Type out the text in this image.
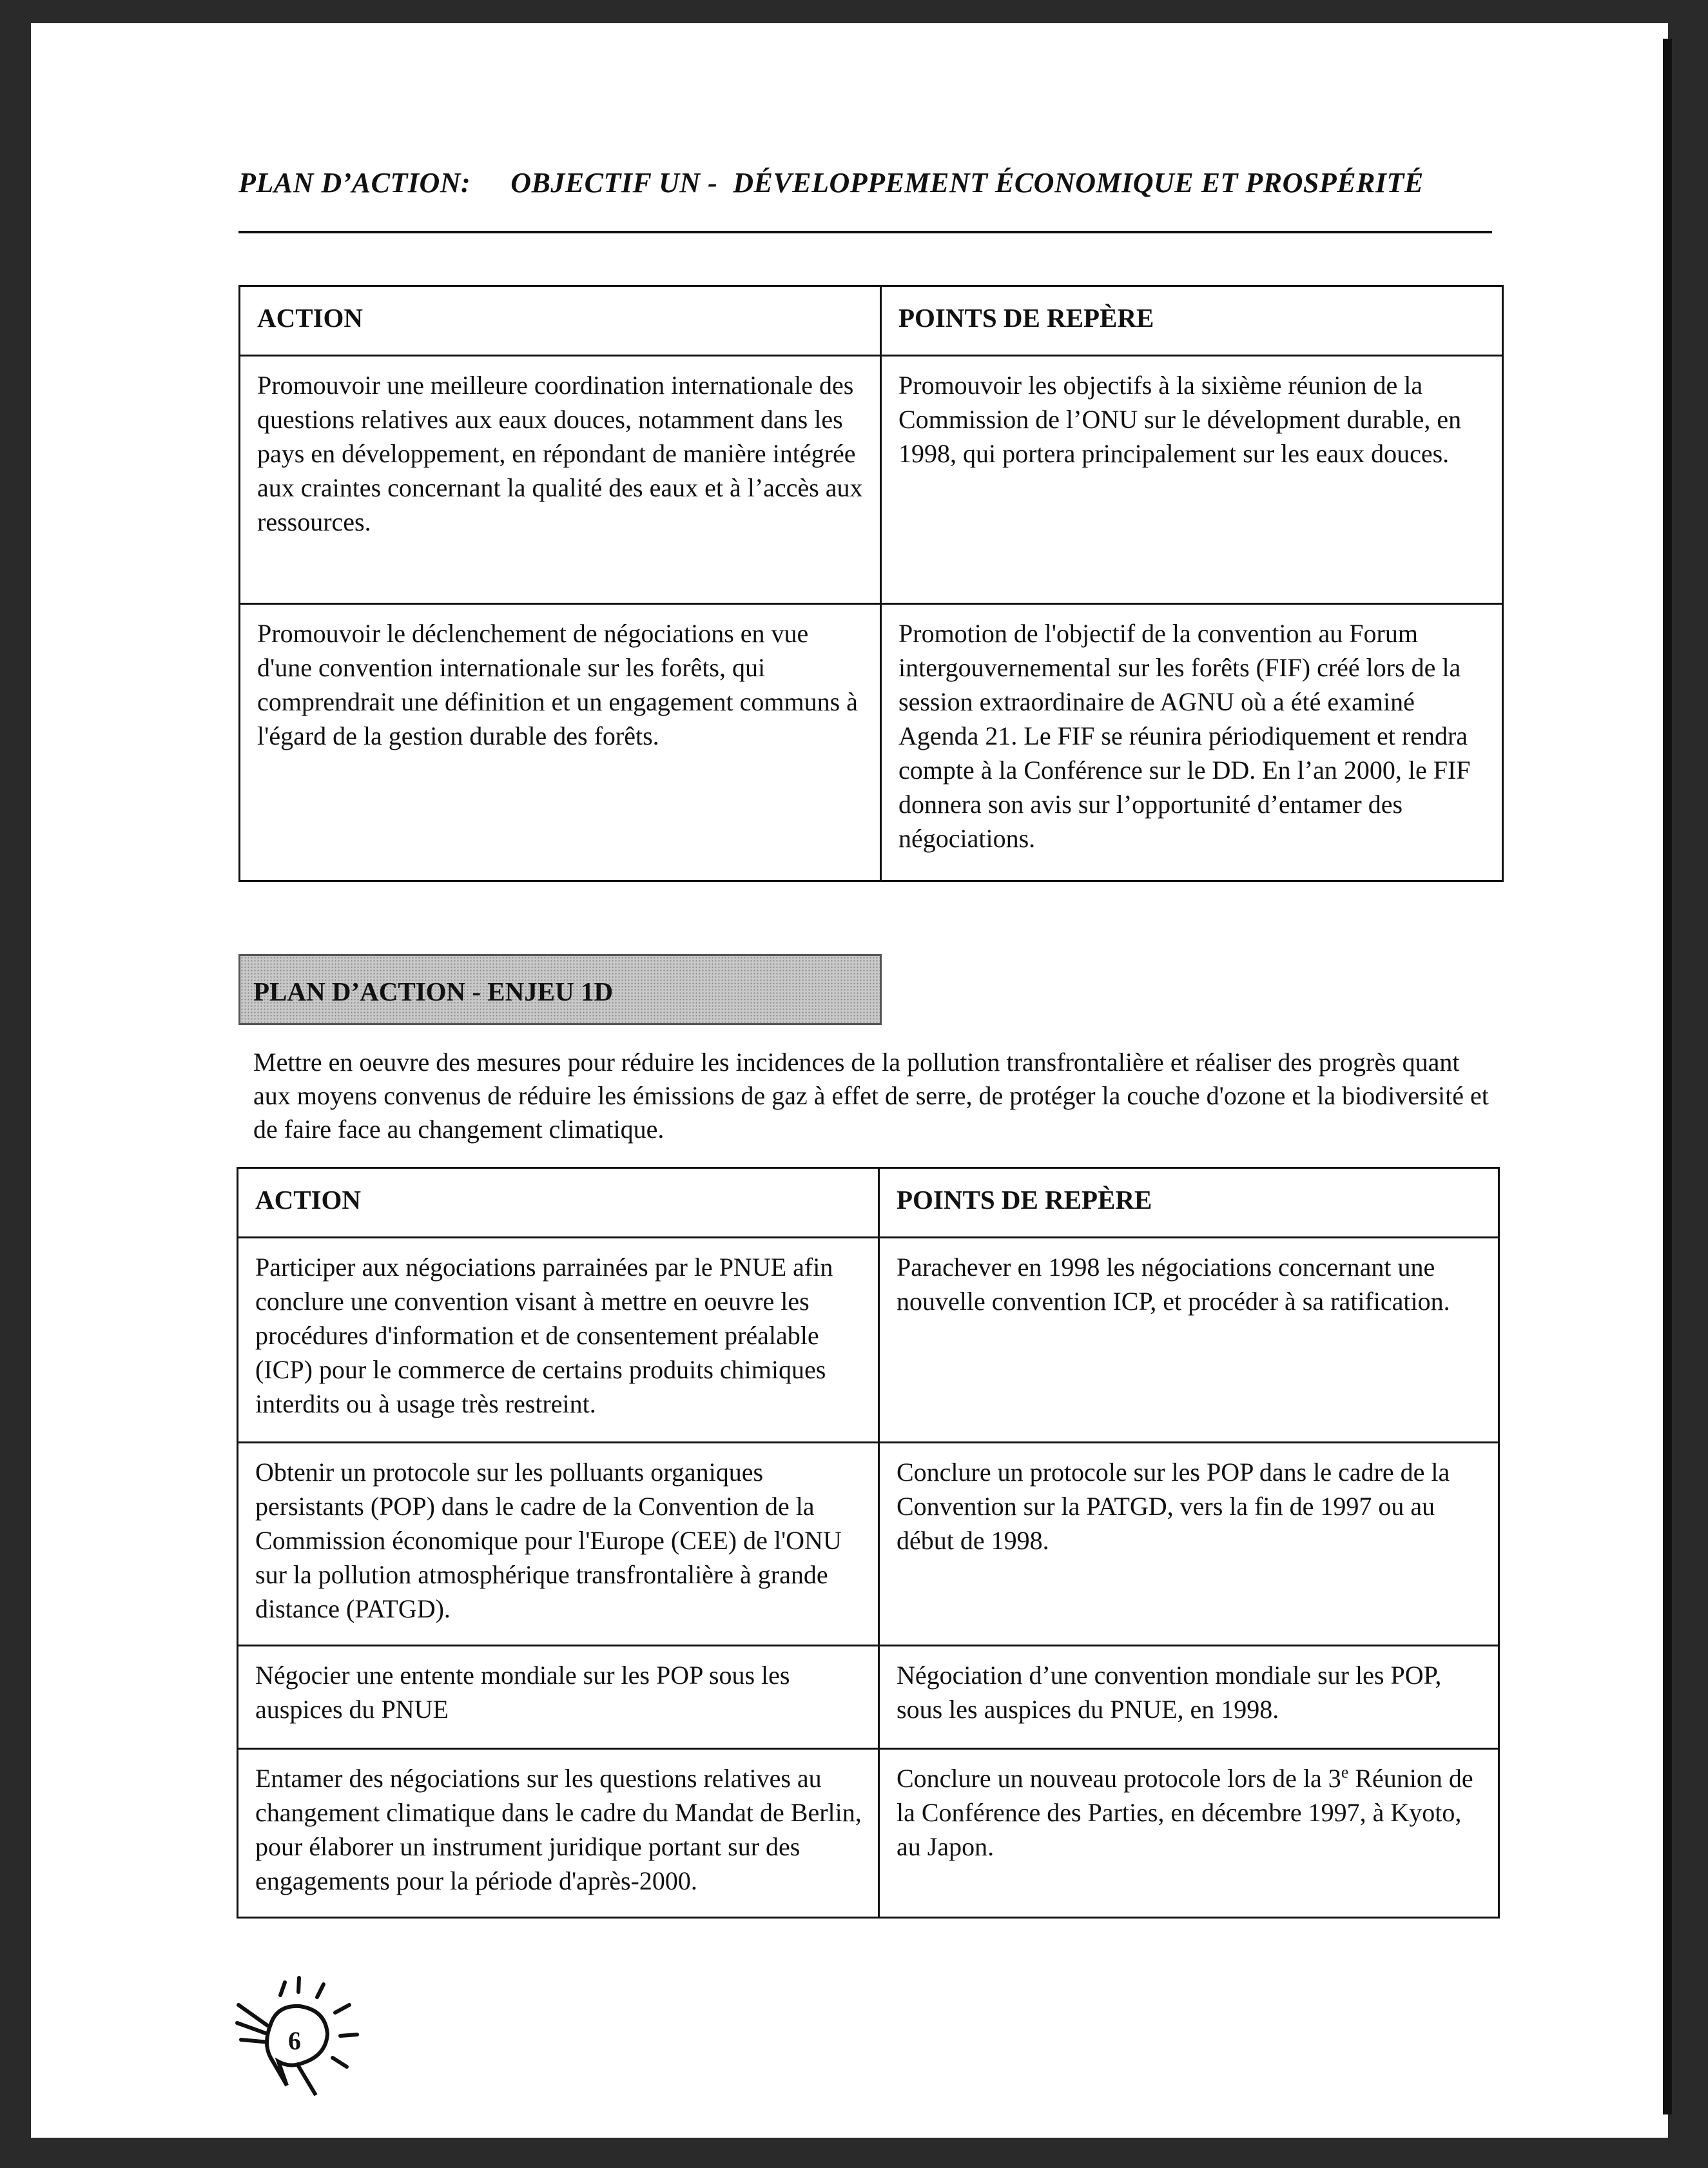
PLAN D’ACTION: OBJECTIF UN - DÉVELOPPEMENT ÉCONOMIQUE ET PROSPÉRITÉ
ACTION	POINTS DE REPÈRE
Promouvoir une meilleure coordination internationale des questions relatives aux eaux douces, notamment dans les pays en développement, en répondant de manière intégrée aux craintes concernant la qualité des eaux et à l’accès aux ressources.	Promouvoir les objectifs à la sixième réunion de la Commission de l’ONU sur le dévelopment durable, en 1998, qui portera principalement sur les eaux douces.
Promouvoir le déclenchement de négociations en vue d'une convention internationale sur les forêts, qui comprendrait une définition et un engagement communs à l'égard de la gestion durable des forêts.	Promotion de l'objectif de la convention au Forum intergouvernemental sur les forêts (FIF) créé lors de la session extraordinaire de AGNU où a été examiné Agenda 21. Le FIF se réunira périodiquement et rendra compte à la Conférence sur le DD. En l’an 2000, le FIF donnera son avis sur l’opportunité d’entamer des négociations.
PLAN D’ACTION - ENJEU 1D
Mettre en oeuvre des mesures pour réduire les incidences de la pollution transfrontalière et réaliser des progrès quant aux moyens convenus de réduire les émissions de gaz à effet de serre, de protéger la couche d'ozone et la biodiversité et de faire face au changement climatique.
ACTION	POINTS DE REPÈRE
Participer aux négociations parrainées par le PNUE afin conclure une convention visant à mettre en oeuvre les procédures d'information et de consentement préalable (ICP) pour le commerce de certains produits chimiques interdits ou à usage très restreint.	Parachever en 1998 les négociations concernant une nouvelle convention ICP, et procéder à sa ratification.
Obtenir un protocole sur les polluants organiques persistants (POP) dans le cadre de la Convention de la Commission économique pour l'Europe (CEE) de l'ONU sur la pollution atmosphérique transfrontalière à grande distance (PATGD).	Conclure un protocole sur les POP dans le cadre de la Convention sur la PATGD, vers la fin de 1997 ou au début de 1998.
Négocier une entente mondiale sur les POP sous les auspices du PNUE	Négociation d’une convention mondiale sur les POP, sous les auspices du PNUE, en 1998.
Entamer des négociations sur les questions relatives au changement climatique dans le cadre du Mandat de Berlin, pour élaborer un instrument juridique portant sur des engagements pour la période d'après-2000.	Conclure un nouveau protocole lors de la 3e Réunion de la Conférence des Parties, en décembre 1997, à Kyoto, au Japon.
6
